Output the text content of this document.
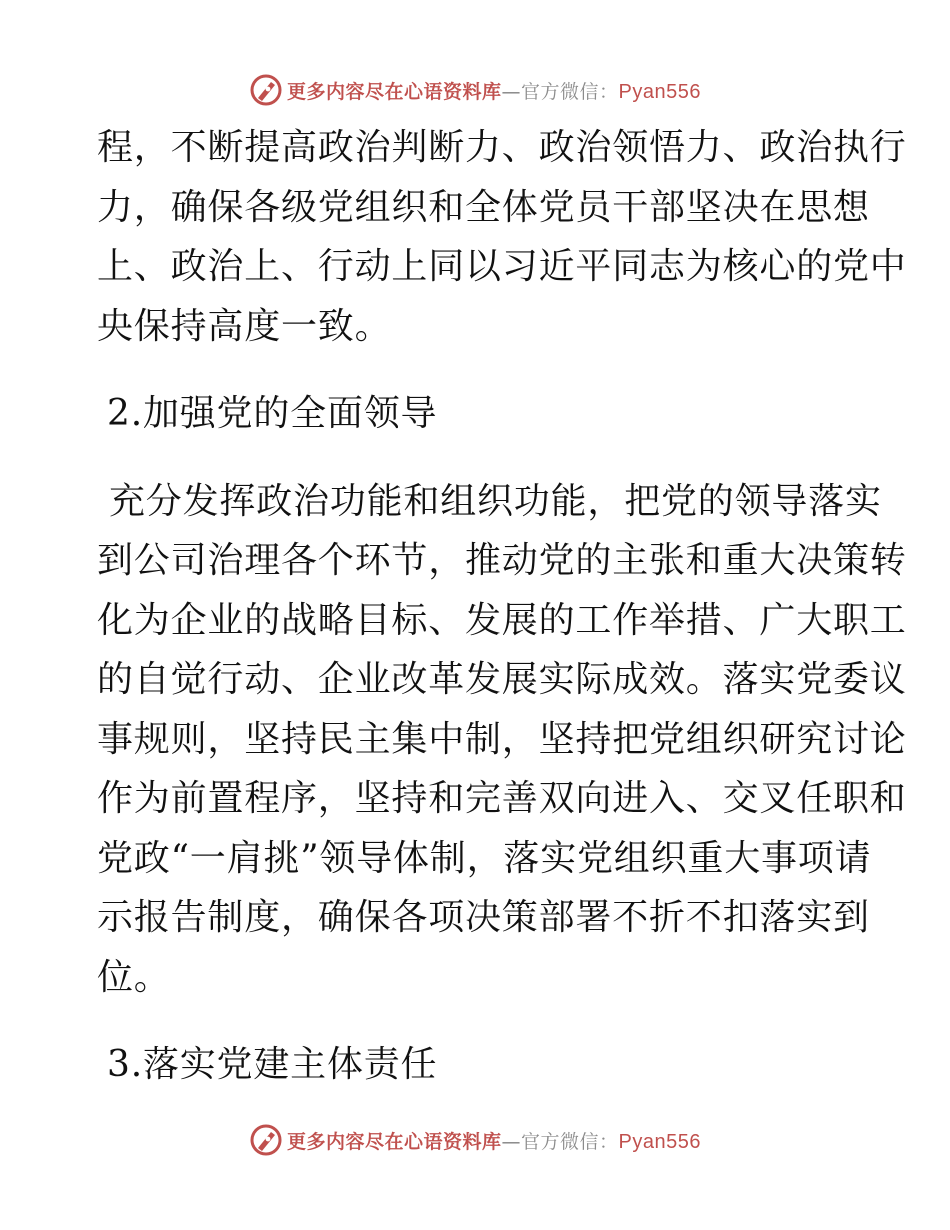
更多内容尽在心语资料库 — 官方微信： Pyan556
程，不断提高政治判断力、政治领悟力、政治执行
力，确保各级党组织和全体党员干部坚决在思想
上、政治上、行动上同以习近平同志为核心的党中
央保持高度一致。
2.加强党的全面领导
充分发挥政治功能和组织功能，把党的领导落实
到公司治理各个环节，推动党的主张和重大决策转
化为企业的战略目标、发展的工作举措、广大职工
的自觉行动、企业改革发展实际成效。落实党委议
事规则，坚持民主集中制，坚持把党组织研究讨论
作为前置程序，坚持和完善双向进入、交叉任职和
党政“一肩挑”领导体制，落实党组织重大事项请
示报告制度，确保各项决策部署不折不扣落实到
位。
3.落实党建主体责任
更多内容尽在心语资料库 — 官方微信： Pyan556
